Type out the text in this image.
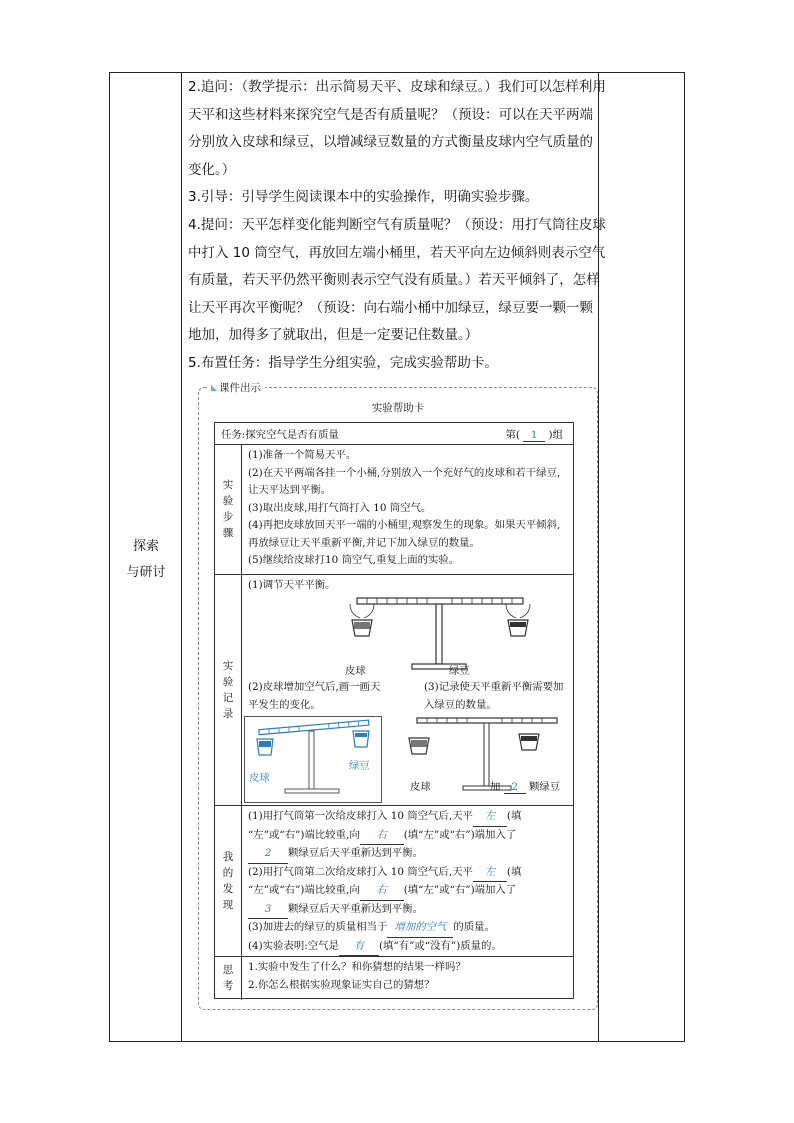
探索
与研讨

2.追问：（教学提示：出示简易天平、皮球和绿豆。）我们可以怎样利用天平和这些材料来探究空气是否有质量呢？（预设：可以在天平两端分别放入皮球和绿豆，以增减绿豆数量的方式衡量皮球内空气质量的变化。）

3.引导：引导学生阅读课本中的实验操作，明确实验步骤。

4.提问：天平怎样变化能判断空气有质量呢？（预设：用打气筒往皮球中打入 10 筒空气，再放回左端小桶里，若天平向左边倾斜则表示空气有质量，若天平仍然平衡则表示空气没有质量。）若天平倾斜了，怎样让天平再次平衡呢？（预设：向右端小桶中加绿豆，绿豆要一颗一颗地加，加得多了就取出，但是一定要记住数量。）

5.布置任务：指导学生分组实验，完成实验帮助卡。

课件出示
实验帮助卡
任务:探究空气是否有质量	第( 1 )组
实
验
步
骤
(1)准备一个简易天平。
(2)在天平两端各挂一个小桶,分别放入一个充好气的皮球和若干绿豆,让天平达到平衡。
(3)取出皮球,用打气筒打入 10 筒空气。
(4)再把皮球放回天平一端的小桶里,观察发生的现象。如果天平倾斜,再放绿豆让天平重新平衡,并记下加入绿豆的数量。
(5)继续给皮球打10 筒空气,重复上面的实验。
实
验
记
录
(1)调节天平平衡。
皮球	绿豆
(2)皮球增加空气后,画一画天平发生的变化。
(3)记录使天平重新平衡需要加入绿豆的数量。
皮球
绿豆
皮球	加 2 颗绿豆
我
的
发
现
(1)用打气筒第一次给皮球打入 10 筒空气后,天平 左 (填
“左”或“右”)端比较重,向 右 (填“左”或“右”)端加入了
2 颗绿豆后天平重新达到平衡。
(2)用打气筒第二次给皮球打入 10 筒空气后,天平 左 (填
“左”或“右”)端比较重,向 右 (填“左”或“右”)端加入了
3 颗绿豆后天平重新达到平衡。
(3)加进去的绿豆的质量相当于 增加的空气 的质量。
(4)实验表明:空气是 有 (填“有”或“没有”)质量的。
思
考
1.实验中发生了什么？和你猜想的结果一样吗？
2.你怎么根据实验现象证实自己的猜想？
